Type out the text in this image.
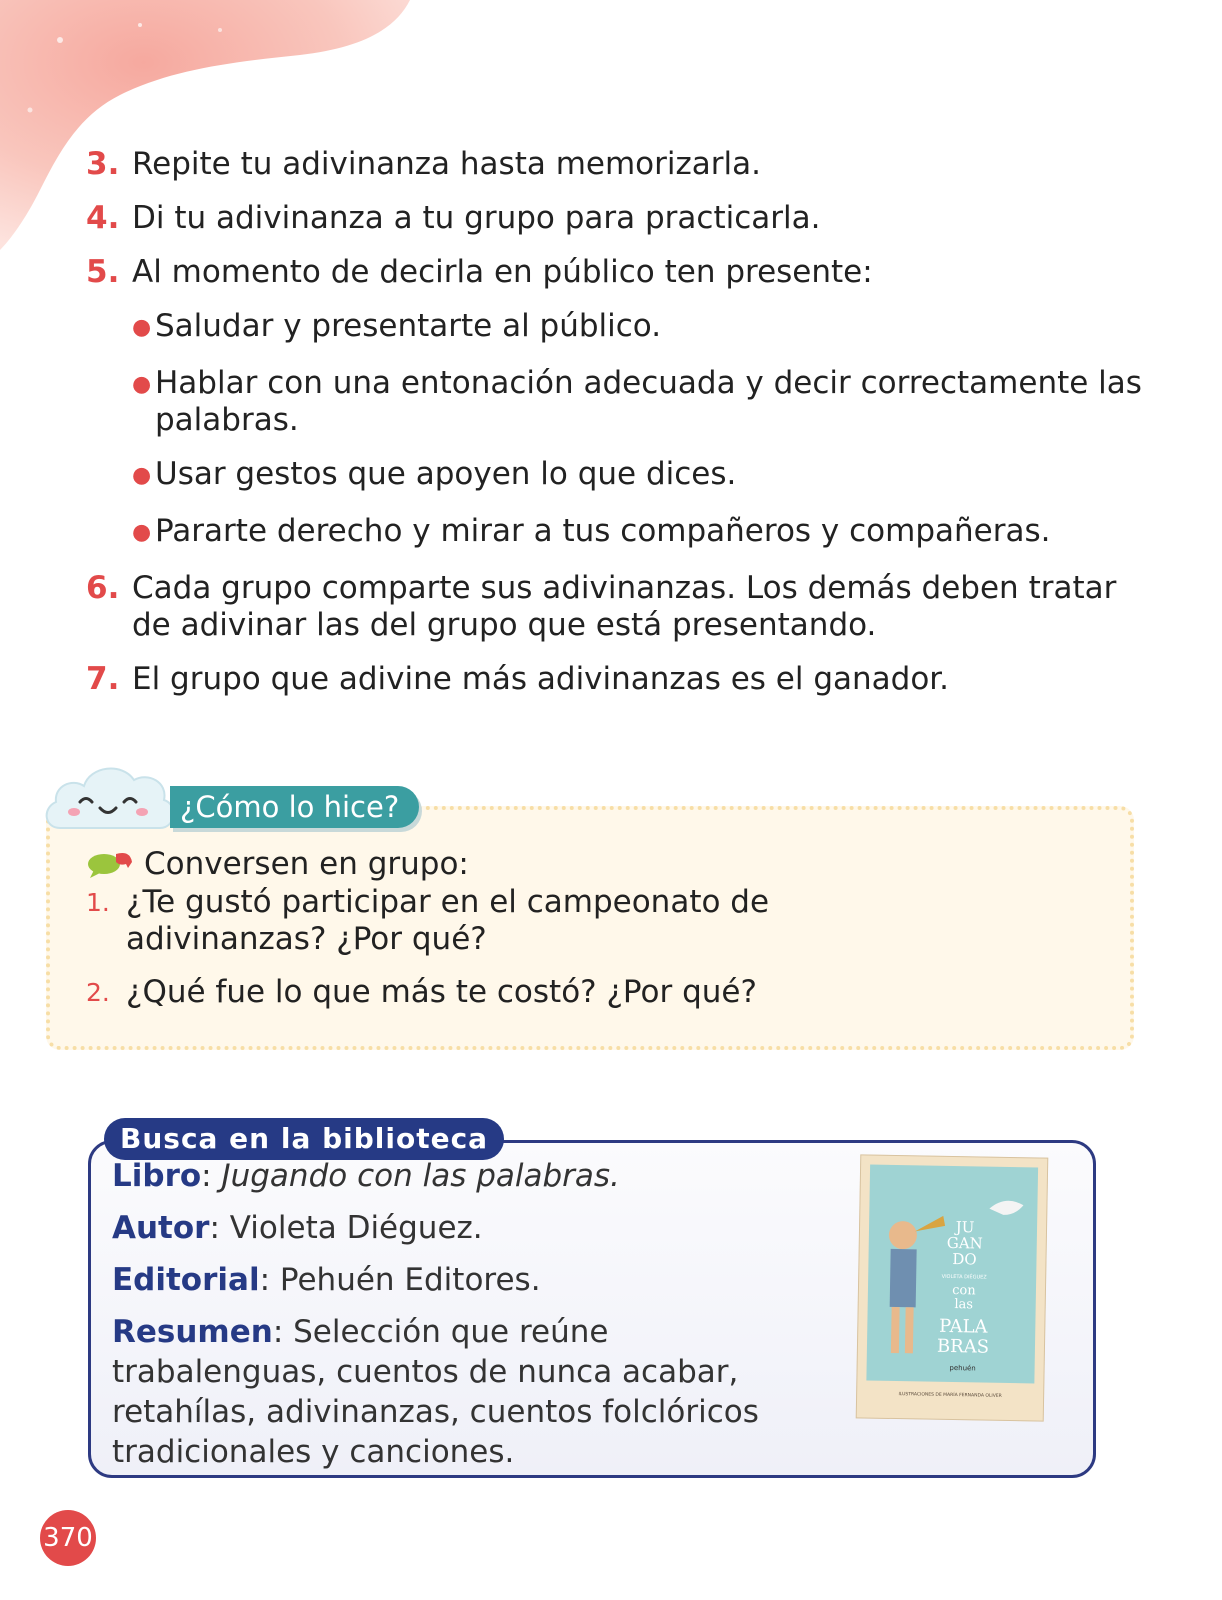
3. Repite tu adivinanza hasta memorizarla.
4. Di tu adivinanza a tu grupo para practicarla.
5. Al momento de decirla en público ten presente:
● Saludar y presentarte al público.
● Hablar con una entonación adecuada y decir correctamente las palabras.
● Usar gestos que apoyen lo que dices.
● Pararte derecho y mirar a tus compañeros y compañeras.
6. Cada grupo comparte sus adivinanzas. Los demás deben tratar de adivinar las del grupo que está presentando.
7. El grupo que adivine más adivinanzas es el ganador.
¿Cómo lo hice?
Conversen en grupo:
1. ¿Te gustó participar en el campeonato de adivinanzas? ¿Por qué?
2. ¿Qué fue lo que más te costó? ¿Por qué?
Busca en la biblioteca
Libro: Jugando con las palabras.
Autor: Violeta Diéguez.
Editorial: Pehuén Editores.
Resumen: Selección que reúne trabalenguas, cuentos de nunca acabar, retahílas, adivinanzas, cuentos folclóricos tradicionales y canciones.
JU
GAN
DO
VIOLETA DIÉGUEZ
con
las
PALA
BRAS
pehuén
ILUSTRACIONES DE MARÍA FERNANDA OLIVER
370
